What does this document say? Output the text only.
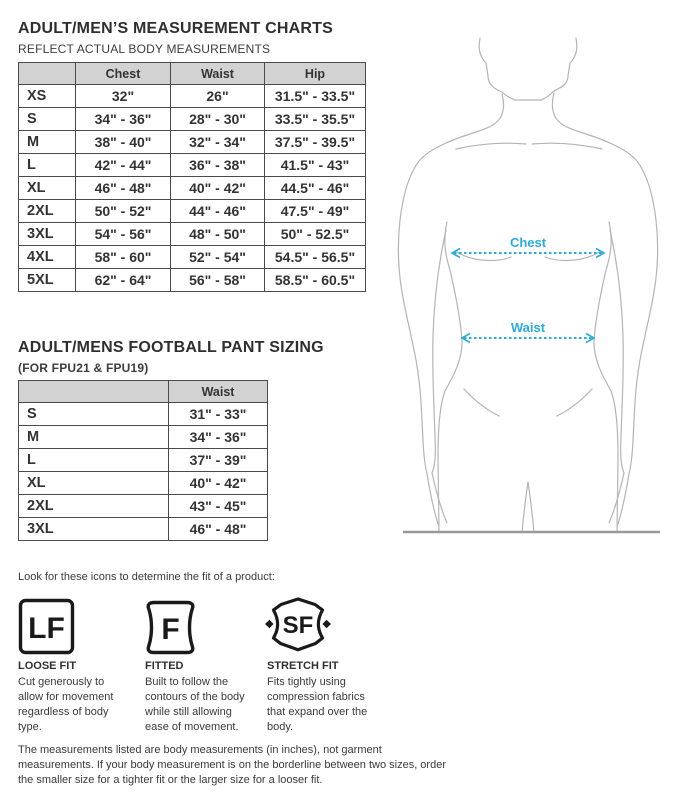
ADULT/MEN’S MEASUREMENT CHARTS
REFLECT ACTUAL BODY MEASUREMENTS
	Chest	Waist	Hip
XS	32"	26"	31.5" - 33.5"
S	34" - 36"	28" - 30"	33.5" - 35.5"
M	38" - 40"	32" - 34"	37.5" - 39.5"
L	42" - 44"	36" - 38"	41.5" - 43"
XL	46" - 48"	40" - 42"	44.5" - 46"
2XL	50" - 52"	44" - 46"	47.5" - 49"
3XL	54" - 56"	48" - 50"	50" - 52.5"
4XL	58" - 60"	52" - 54"	54.5" - 56.5"
5XL	62" - 64"	56" - 58"	58.5" - 60.5"
ADULT/MENS FOOTBALL PANT SIZING
(FOR FPU21 & FPU19)
	Waist
S	31" - 33"
M	34" - 36"
L	37" - 39"
XL	40" - 42"
2XL	43" - 45"
3XL	46" - 48"
Look for these icons to determine the fit of a product:
LF	F	SF
LOOSE FIT
Cut generously to allow for movement regardless of body type.
FITTED
Built to follow the contours of the body while still allowing ease of movement.
STRETCH FIT
Fits tightly using compression fabrics that expand over the body.
The measurements listed are body measurements (in inches), not garment measurements. If your body measurement is on the borderline between two sizes, order the smaller size for a tighter fit or the larger size for a looser fit.
Chest
Waist
